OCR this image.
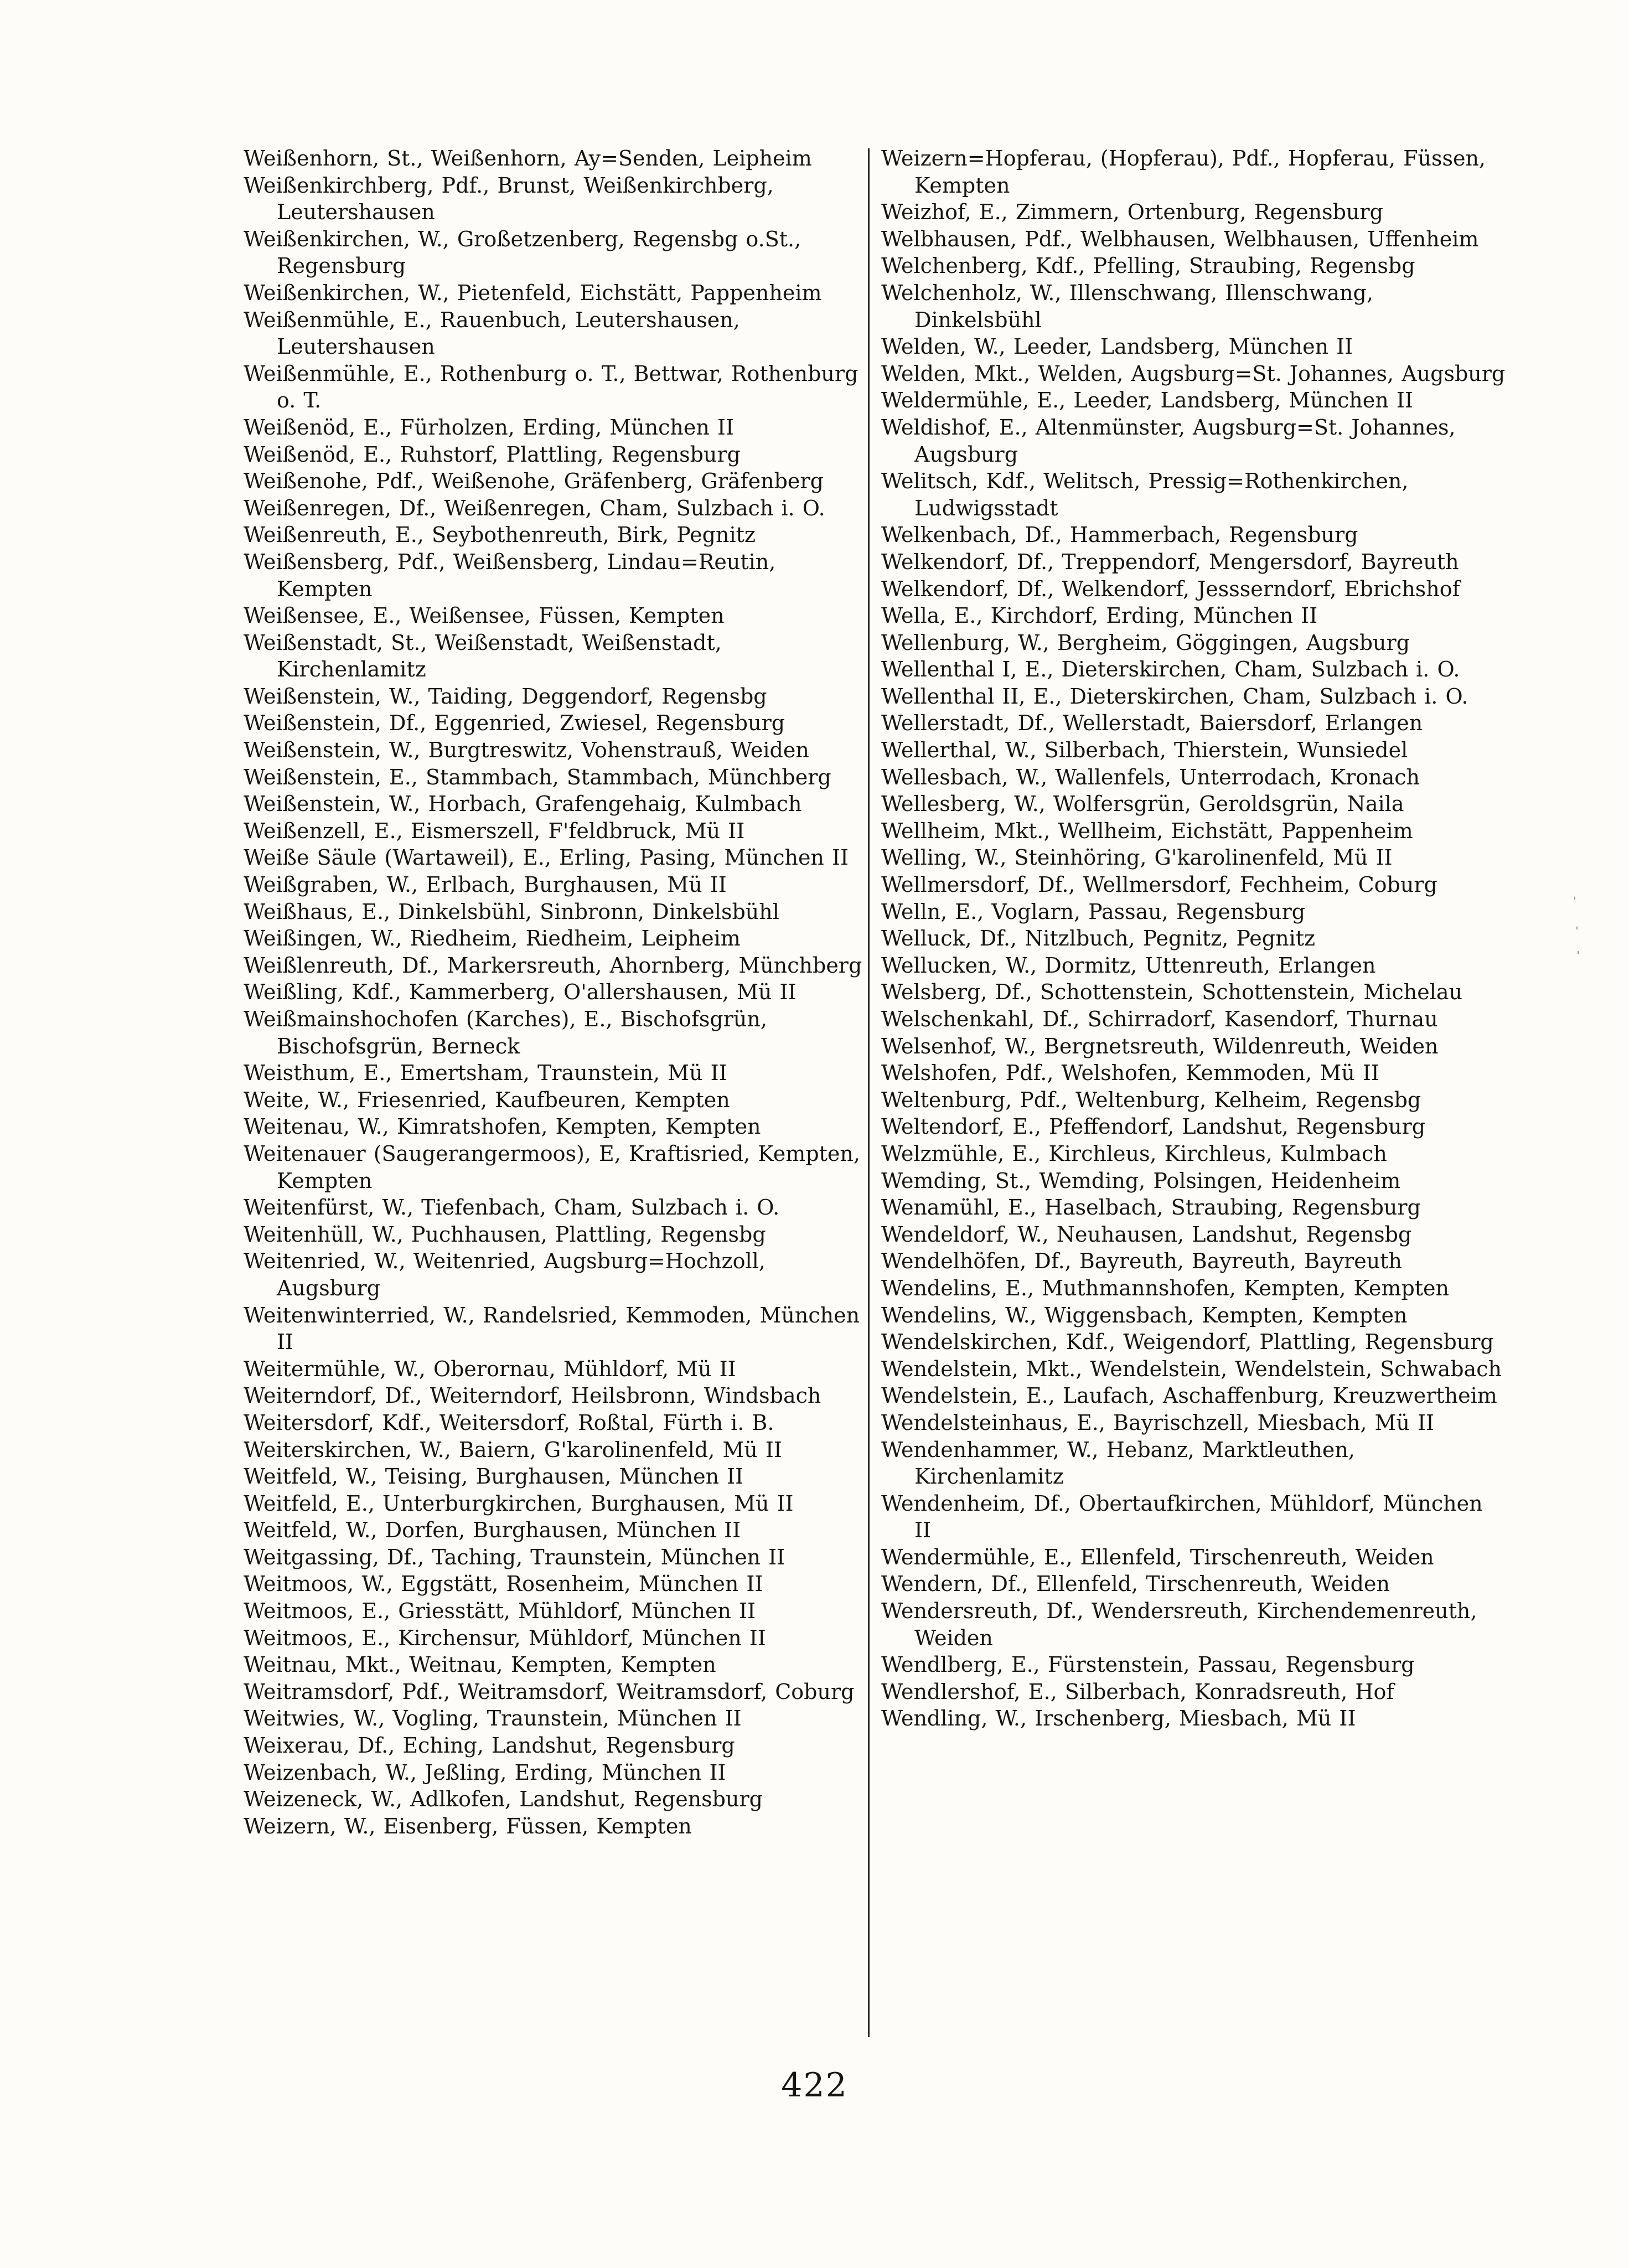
Weißenhorn, St., Weißenhorn, Ay=Senden, Leipheim
Weißenkirchberg, Pdf., Brunst, Weißenkirchberg, Leutershausen
Weißenkirchen, W., Großetzenberg, Regensbg o.St., Regensburg
Weißenkirchen, W., Pietenfeld, Eichstätt, Pappenheim
Weißenmühle, E., Rauenbuch, Leutershausen, Leutershausen
Weißenmühle, E., Rothenburg o. T., Bettwar, Rothenburg o. T.
Weißenöd, E., Fürholzen, Erding, München II
Weißenöd, E., Ruhstorf, Plattling, Regensburg
Weißenohe, Pdf., Weißenohe, Gräfenberg, Gräfenberg
Weißenregen, Df., Weißenregen, Cham, Sulzbach i. O.
Weißenreuth, E., Seybothenreuth, Birk, Pegnitz
Weißensberg, Pdf., Weißensberg, Lindau=Reutin, Kempten
Weißensee, E., Weißensee, Füssen, Kempten
Weißenstadt, St., Weißenstadt, Weißenstadt, Kirchenlamitz
Weißenstein, W., Taiding, Deggendorf, Regensbg
Weißenstein, Df., Eggenried, Zwiesel, Regensburg
Weißenstein, W., Burgtreswitz, Vohenstrauß, Weiden
Weißenstein, E., Stammbach, Stammbach, Münchberg
Weißenstein, W., Horbach, Grafengehaig, Kulmbach
Weißenzell, E., Eismerszell, F'feldbruck, Mü II
Weiße Säule (Wartaweil), E., Erling, Pasing, München II
Weißgraben, W., Erlbach, Burghausen, Mü II
Weißhaus, E., Dinkelsbühl, Sinbronn, Dinkelsbühl
Weißingen, W., Riedheim, Riedheim, Leipheim
Weißlenreuth, Df., Markersreuth, Ahornberg, Münchberg
Weißling, Kdf., Kammerberg, O'allershausen, Mü II
Weißmainshochofen (Karches), E., Bischofsgrün, Bischofsgrün, Berneck
Weisthum, E., Emertsham, Traunstein, Mü II
Weite, W., Friesenried, Kaufbeuren, Kempten
Weitenau, W., Kimratshofen, Kempten, Kempten
Weitenauer (Saugerangermoos), E, Kraftisried, Kempten, Kempten
Weitenfürst, W., Tiefenbach, Cham, Sulzbach i. O.
Weitenhüll, W., Puchhausen, Plattling, Regensbg
Weitenried, W., Weitenried, Augsburg=Hochzoll, Augsburg
Weitenwinterried, W., Randelsried, Kemmoden, München II
Weitermühle, W., Oberornau, Mühldorf, Mü II
Weiterndorf, Df., Weiterndorf, Heilsbronn, Windsbach
Weitersdorf, Kdf., Weitersdorf, Roßtal, Fürth i. B.
Weiterskirchen, W., Baiern, G'karolinenfeld, Mü II
Weitfeld, W., Teising, Burghausen, München II
Weitfeld, E., Unterburgkirchen, Burghausen, Mü II
Weitfeld, W., Dorfen, Burghausen, München II
Weitgassing, Df., Taching, Traunstein, München II
Weitmoos, W., Eggstätt, Rosenheim, München II
Weitmoos, E., Griesstätt, Mühldorf, München II
Weitmoos, E., Kirchensur, Mühldorf, München II
Weitnau, Mkt., Weitnau, Kempten, Kempten
Weitramsdorf, Pdf., Weitramsdorf, Weitramsdorf, Coburg
Weitwies, W., Vogling, Traunstein, München II
Weixerau, Df., Eching, Landshut, Regensburg
Weizenbach, W., Jeßling, Erding, München II
Weizeneck, W., Adlkofen, Landshut, Regensburg
Weizern, W., Eisenberg, Füssen, Kempten
Weizern=Hopferau, (Hopferau), Pdf., Hopferau, Füssen, Kempten
Weizhof, E., Zimmern, Ortenburg, Regensburg
Welbhausen, Pdf., Welbhausen, Welbhausen, Uffenheim
Welchenberg, Kdf., Pfelling, Straubing, Regensbg
Welchenholz, W., Illenschwang, Illenschwang, Dinkelsbühl
Welden, W., Leeder, Landsberg, München II
Welden, Mkt., Welden, Augsburg=St. Johannes, Augsburg
Weldermühle, E., Leeder, Landsberg, München II
Weldishof, E., Altenmünster, Augsburg=St. Johannes, Augsburg
Welitsch, Kdf., Welitsch, Pressig=Rothenkirchen, Ludwigsstadt
Welkenbach, Df., Hammerbach, Regensburg
Welkendorf, Df., Treppendorf, Mengersdorf, Bayreuth
Welkendorf, Df., Welkendorf, Jessserndorf, Ebrichshof
Wella, E., Kirchdorf, Erding, München II
Wellenburg, W., Bergheim, Göggingen, Augsburg
Wellenthal I, E., Dieterskirchen, Cham, Sulzbach i. O.
Wellenthal II, E., Dieterskirchen, Cham, Sulzbach i. O.
Wellerstadt, Df., Wellerstadt, Baiersdorf, Erlangen
Wellerthal, W., Silberbach, Thierstein, Wunsiedel
Wellesbach, W., Wallenfels, Unterrodach, Kronach
Wellesberg, W., Wolfersgrün, Geroldsgrün, Naila
Wellheim, Mkt., Wellheim, Eichstätt, Pappenheim
Welling, W., Steinhöring, G'karolinenfeld, Mü II
Wellmersdorf, Df., Wellmersdorf, Fechheim, Coburg
Welln, E., Voglarn, Passau, Regensburg
Welluck, Df., Nitzlbuch, Pegnitz, Pegnitz
Wellucken, W., Dormitz, Uttenreuth, Erlangen
Welsberg, Df., Schottenstein, Schottenstein, Michelau
Welschenkahl, Df., Schirradorf, Kasendorf, Thurnau
Welsenhof, W., Bergnetsreuth, Wildenreuth, Weiden
Welshofen, Pdf., Welshofen, Kemmoden, Mü II
Weltenburg, Pdf., Weltenburg, Kelheim, Regensbg
Weltendorf, E., Pfeffendorf, Landshut, Regensburg
Welzmühle, E., Kirchleus, Kirchleus, Kulmbach
Wemding, St., Wemding, Polsingen, Heidenheim
Wenamühl, E., Haselbach, Straubing, Regensburg
Wendeldorf, W., Neuhausen, Landshut, Regensbg
Wendelhöfen, Df., Bayreuth, Bayreuth, Bayreuth
Wendelins, E., Muthmannshofen, Kempten, Kempten
Wendelins, W., Wiggensbach, Kempten, Kempten
Wendelskirchen, Kdf., Weigendorf, Plattling, Regensburg
Wendelstein, Mkt., Wendelstein, Wendelstein, Schwabach
Wendelstein, E., Laufach, Aschaffenburg, Kreuzwertheim
Wendelsteinhaus, E., Bayrischzell, Miesbach, Mü II
Wendenhammer, W., Hebanz, Marktleuthen, Kirchenlamitz
Wendenheim, Df., Obertaufkirchen, Mühldorf, München II
Wendermühle, E., Ellenfeld, Tirschenreuth, Weiden
Wendern, Df., Ellenfeld, Tirschenreuth, Weiden
Wendersreuth, Df., Wendersreuth, Kirchendemenreuth, Weiden
Wendlberg, E., Fürstenstein, Passau, Regensburg
Wendlershof, E., Silberbach, Konradsreuth, Hof
Wendling, W., Irschenberg, Miesbach, Mü II
ˈ
ˈ
ˈ
422
